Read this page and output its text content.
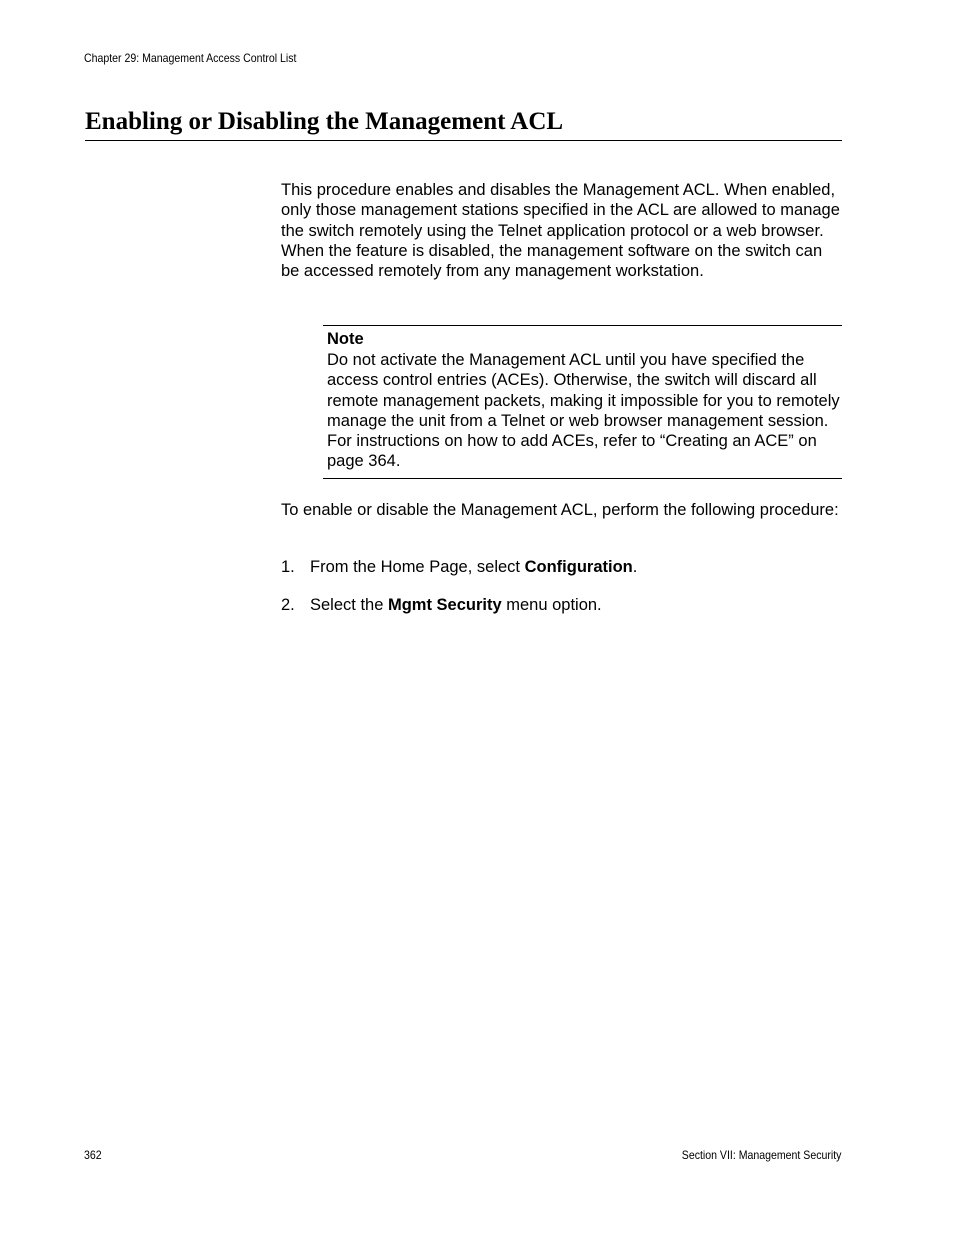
Chapter 29: Management Access Control List
Enabling or Disabling the Management ACL

This procedure enables and disables the Management ACL. When enabled, only those management stations specified in the ACL are allowed to manage the switch remotely using the Telnet application protocol or a web browser. When the feature is disabled, the management software on the switch can be accessed remotely from any management workstation.

Note
Do not activate the Management ACL until you have specified the access control entries (ACEs). Otherwise, the switch will discard all remote management packets, making it impossible for you to remotely manage the unit from a Telnet or web browser management session. For instructions on how to add ACEs, refer to “Creating an ACE” on page 364.

To enable or disable the Management ACL, perform the following procedure:

1. From the Home Page, select Configuration.
2. Select the Mgmt Security menu option.
362	Section VII: Management Security
